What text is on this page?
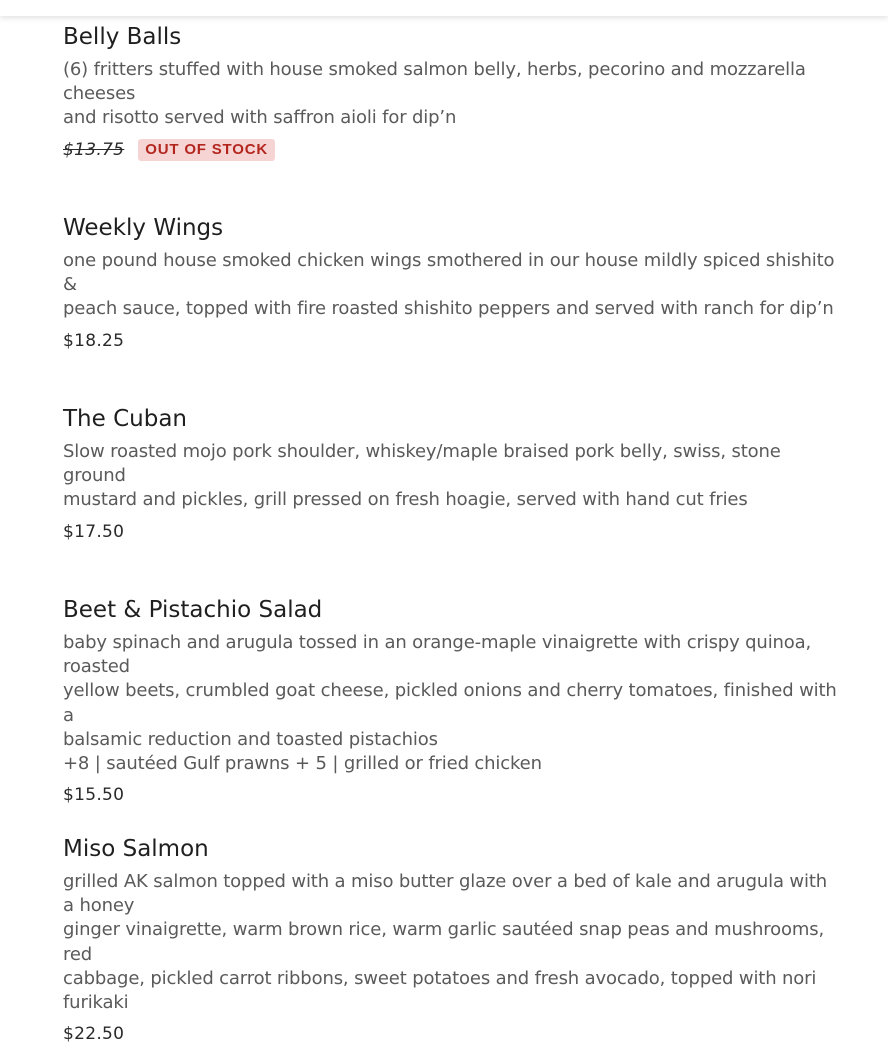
Belly Balls

(6) fritters stuffed with house smoked salmon belly, herbs, pecorino and mozzarella cheeses
and risotto served with saffron aioli for dip’n

$13.75	OUT OF STOCK
Weekly Wings

one pound house smoked chicken wings smothered in our house mildly spiced shishito &
peach sauce, topped with fire roasted shishito peppers and served with ranch for dip’n

$18.25
The Cuban

Slow roasted mojo pork shoulder, whiskey/maple braised pork belly, swiss, stone ground
mustard and pickles, grill pressed on fresh hoagie, served with hand cut fries

$17.50
Beet & Pistachio Salad

baby spinach and arugula tossed in an orange-maple vinaigrette with crispy quinoa, roasted
yellow beets, crumbled goat cheese, pickled onions and cherry tomatoes, finished with a
balsamic reduction and toasted pistachios
+8 | sautéed Gulf prawns + 5 | grilled or fried chicken

$15.50
Miso Salmon

grilled AK salmon topped with a miso butter glaze over a bed of kale and arugula with a honey
ginger vinaigrette, warm brown rice, warm garlic sautéed snap peas and mushrooms, red
cabbage, pickled carrot ribbons, sweet potatoes and fresh avocado, topped with nori furikaki

$22.50
